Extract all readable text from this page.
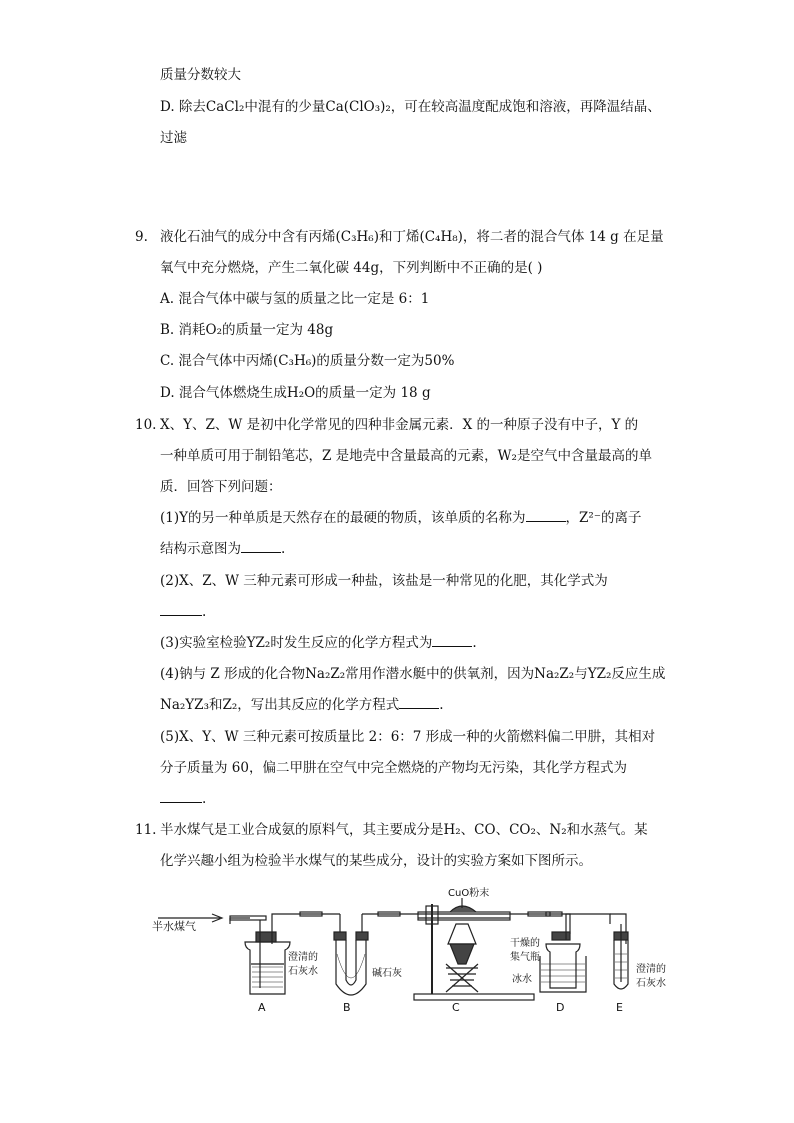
质量分数较大
D. 除去CaCl₂中混有的少量Ca(ClO₃)₂，可在较高温度配成饱和溶液，再降温结晶、
过滤
9. 液化石油气的成分中含有丙烯(C₃H₆)和丁烯(C₄H₈)，将二者的混合气体 14 g 在足量
氧气中充分燃烧，产生二氧化碳 44g，下列判断中不正确的是( )
A. 混合气体中碳与氢的质量之比一定是 6：1
B. 消耗O₂的质量一定为 48g
C. 混合气体中丙烯(C₃H₆)的质量分数一定为50%
D. 混合气体燃烧生成H₂O的质量一定为 18 g
10. X、Y、Z、W 是初中化学常见的四种非金属元素．X 的一种原子没有中子，Y 的
一种单质可用于制铅笔芯，Z 是地壳中含量最高的元素，W₂是空气中含量最高的单
质．回答下列问题：
(1)Y的另一种单质是天然存在的最硬的物质，该单质的名称为	，Z²⁻的离子
结构示意图为	.
(2)X、Z、W 三种元素可形成一种盐，该盐是一种常见的化肥，其化学式为
.
(3)实验室检验YZ₂时发生反应的化学方程式为	.
(4)钠与 Z 形成的化合物Na₂Z₂常用作潜水艇中的供氧剂，因为Na₂Z₂与YZ₂反应生成
Na₂YZ₃和Z₂，写出其反应的化学方程式	.
(5)X、Y、W 三种元素可按质量比 2：6：7 形成一种的火箭燃料偏二甲肼，其相对
分子质量为 60，偏二甲肼在空气中完全燃烧的产物均无污染，其化学方程式为
.
11. 半水煤气是工业合成氨的原料气，其主要成分是H₂、CO、CO₂、N₂和水蒸气。某
化学兴趣小组为检验半水煤气的某些成分，设计的实验方案如下图所示。
半水煤气
澄清的
石灰水
A
碱石灰
B
CuO粉末
C
干燥的
集气瓶
冰水
D
澄清的
石灰水
E
